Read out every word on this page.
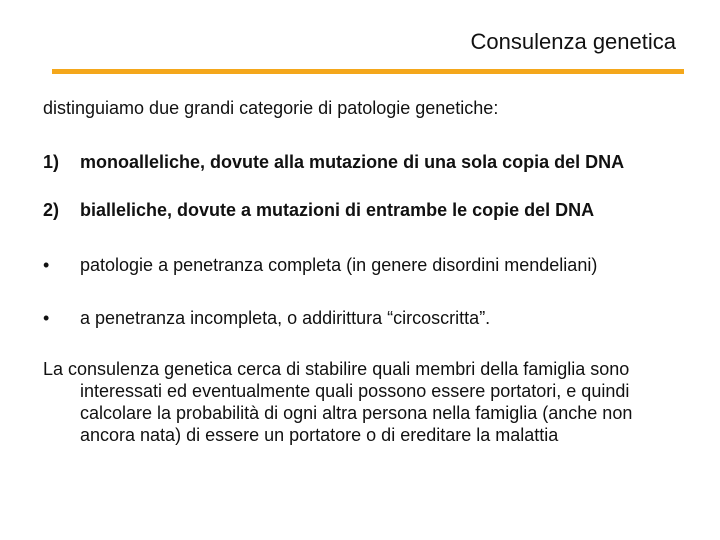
Consulenza genetica
distinguiamo due grandi categorie di patologie genetiche:
1) monoalleliche, dovute alla mutazione di una sola copia del DNA
2) bialleliche, dovute a mutazioni di entrambe le copie del DNA
• patologie a penetranza completa (in genere disordini mendeliani)
• a penetranza incompleta, o addirittura “circoscritta”.
La consulenza genetica cerca di stabilire quali membri della famiglia sono
interessati ed eventualmente quali possono essere portatori, e quindi
calcolare la probabilità di ogni altra persona nella famiglia (anche non
ancora nata) di essere un portatore o di ereditare la malattia
